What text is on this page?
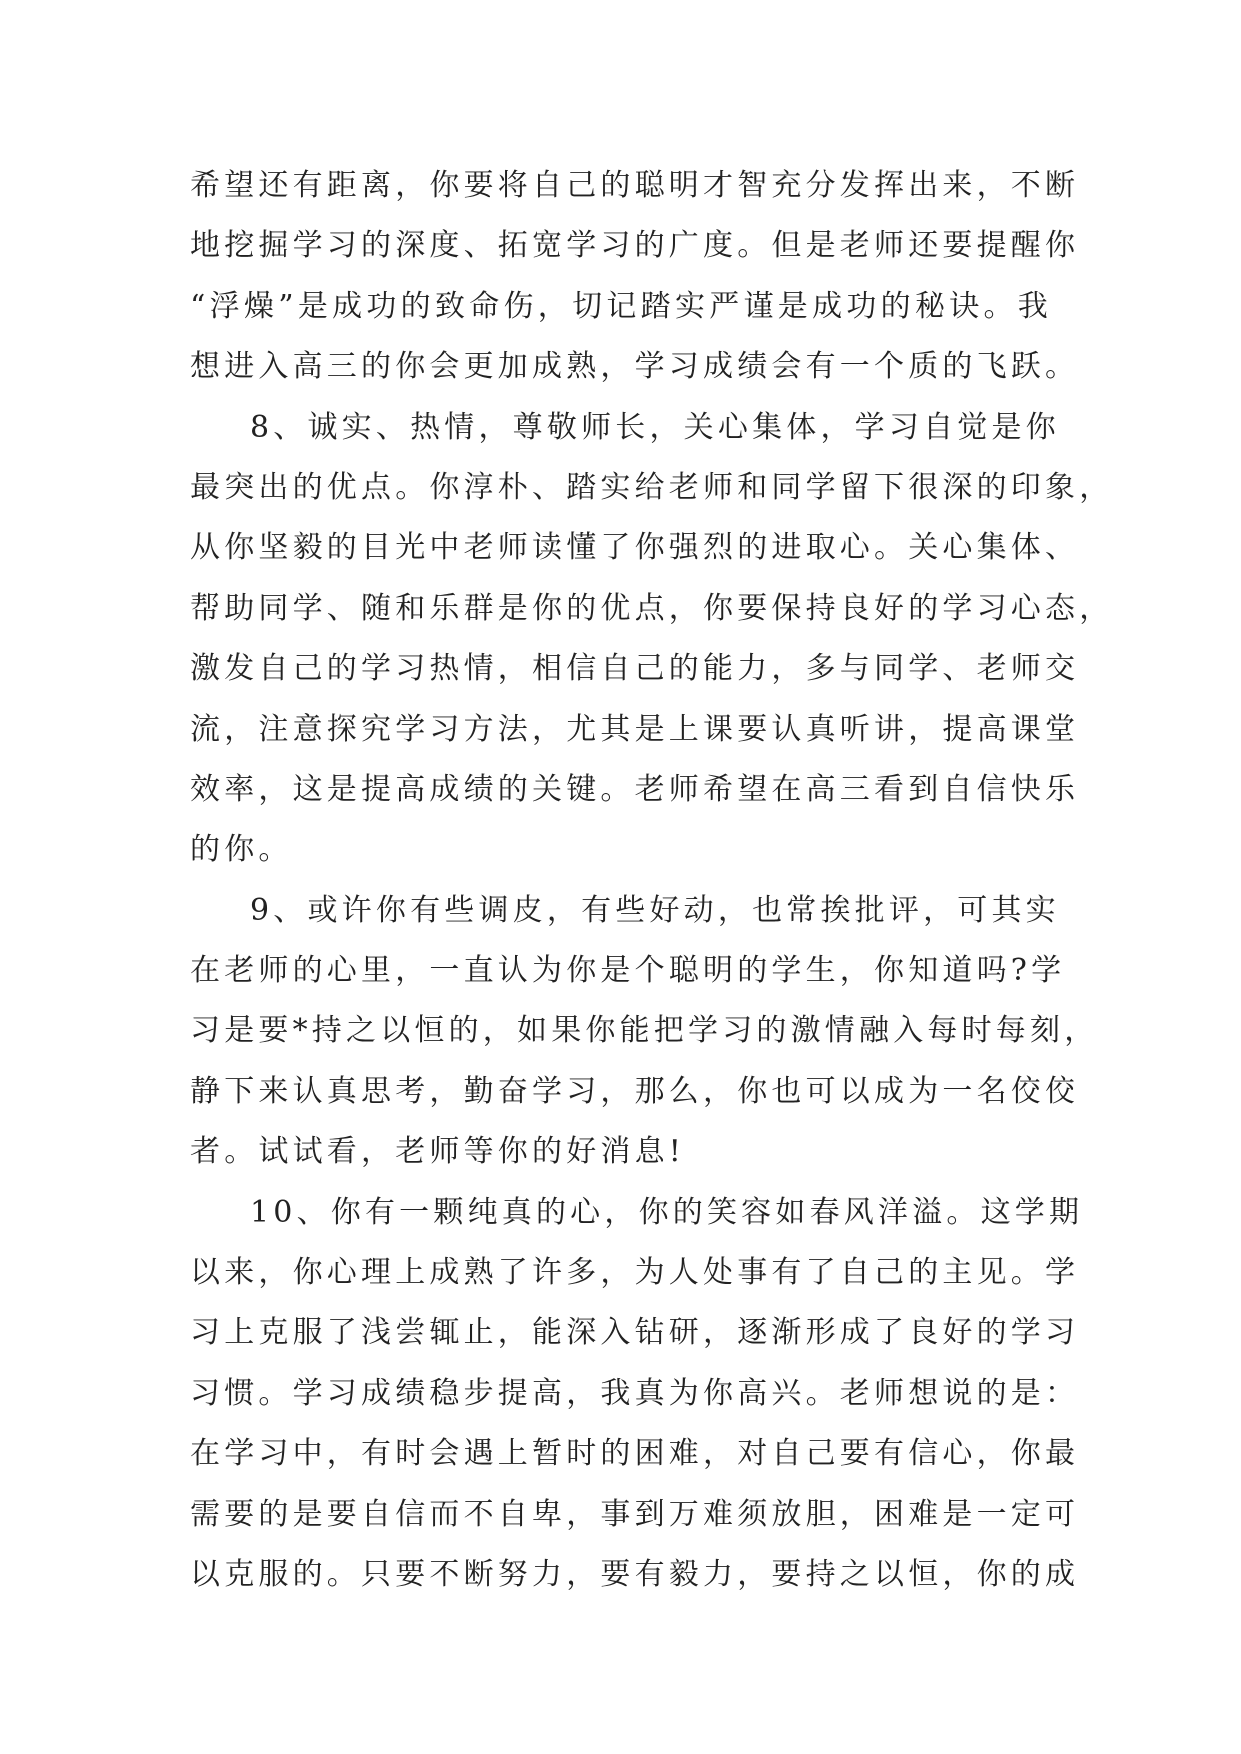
希望还有距离，你要将自己的聪明才智充分发挥出来，不断
地挖掘学习的深度、拓宽学习的广度。但是老师还要提醒你
“浮燥”是成功的致命伤，切记踏实严谨是成功的秘诀。我
想进入高三的你会更加成熟，学习成绩会有一个质的飞跃。
8、诚实、热情，尊敬师长，关心集体，学习自觉是你
最突出的优点。你淳朴、踏实给老师和同学留下很深的印象，
从你坚毅的目光中老师读懂了你强烈的进取心。关心集体、
帮助同学、随和乐群是你的优点，你要保持良好的学习心态，
激发自己的学习热情，相信自己的能力，多与同学、老师交
流，注意探究学习方法，尤其是上课要认真听讲，提高课堂
效率，这是提高成绩的关键。老师希望在高三看到自信快乐
的你。
9、或许你有些调皮，有些好动，也常挨批评，可其实
在老师的心里，一直认为你是个聪明的学生，你知道吗?学
习是要*持之以恒的，如果你能把学习的激情融入每时每刻，
静下来认真思考，勤奋学习，那么，你也可以成为一名佼佼
者。试试看，老师等你的好消息!
10、你有一颗纯真的心，你的笑容如春风洋溢。这学期
以来，你心理上成熟了许多，为人处事有了自己的主见。学
习上克服了浅尝辄止，能深入钻研，逐渐形成了良好的学习
习惯。学习成绩稳步提高，我真为你高兴。老师想说的是：
在学习中，有时会遇上暂时的困难，对自己要有信心，你最
需要的是要自信而不自卑，事到万难须放胆，困难是一定可
以克服的。只要不断努力，要有毅力，要持之以恒，你的成
